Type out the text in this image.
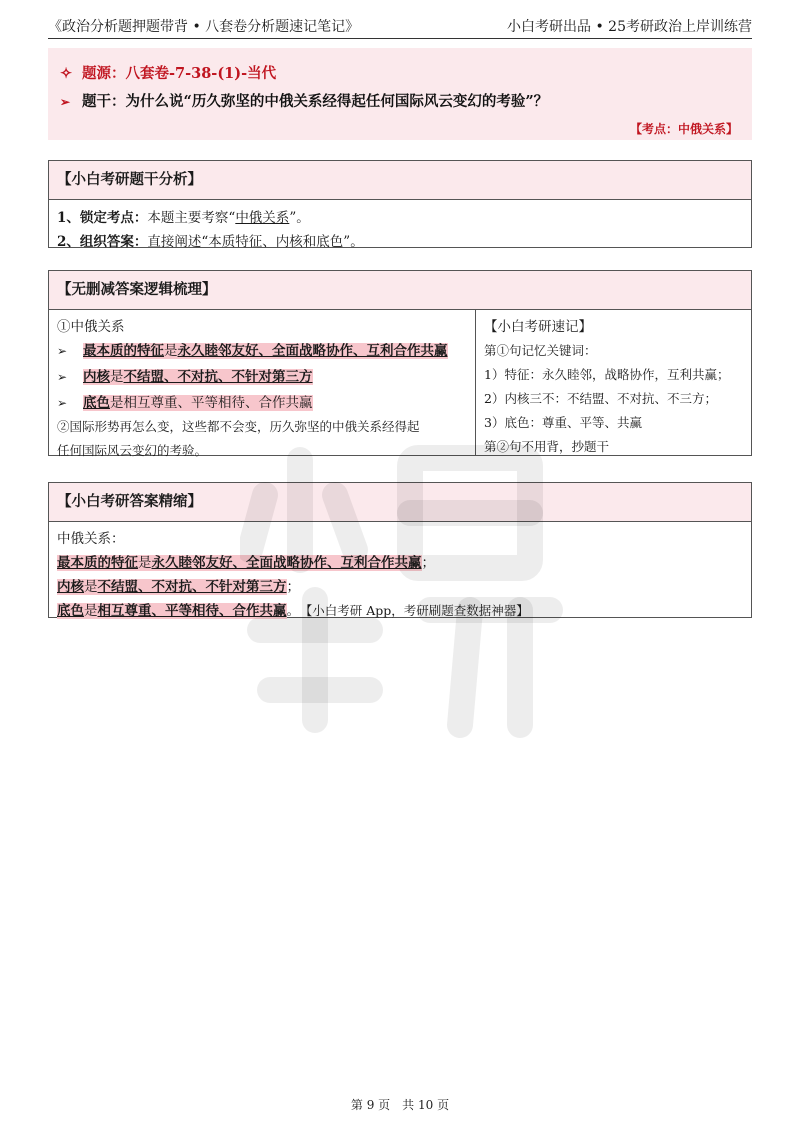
《政治分析题押题带背 • 八套卷分析题速记笔记》	小白考研出品 • 25考研政治上岸训练营
✧ 题源：八套卷-7-38-(1)-当代
➢ 题干：为什么说“历久弥坚的中俄关系经得起任何国际风云变幻的考验”？
【考点：中俄关系】
【小白考研题干分析】
1、锁定考点：本题主要考察“中俄关系”。
2、组织答案：直接阐述“本质特征、内核和底色”。
【无删减答案逻辑梳理】
①中俄关系
➢ 最本质的特征是永久睦邻友好、全面战略协作、互利合作共赢
➢ 内核是不结盟、不对抗、不针对第三方
➢ 底色是相互尊重、平等相待、合作共赢
②国际形势再怎么变，这些都不会变，历久弥坚的中俄关系经得起
任何国际风云变幻的考验。
【小白考研速记】
第①句记忆关键词：
1）特征：永久睦邻，战略协作，互利共赢；
2）内核三不：不结盟、不对抗、不三方；
3）底色：尊重、平等、共赢
第②句不用背，抄题干
【小白考研答案精缩】
中俄关系：
最本质的特征是永久睦邻友好、全面战略协作、互利合作共赢；
内核是不结盟、不对抗、不针对第三方；
底色是相互尊重、平等相待、合作共赢。 【小白考研 App，考研刷题查数据神器】
第 9 页　共 10 页
